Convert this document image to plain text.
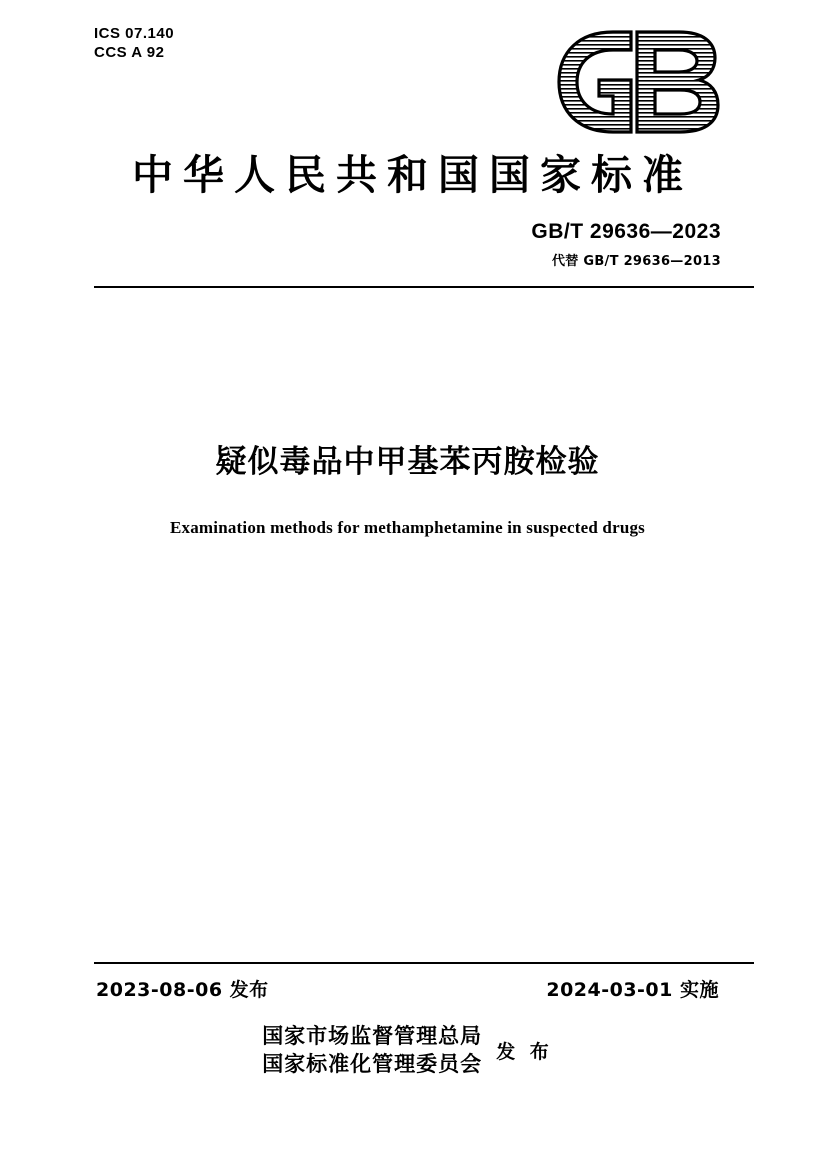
ICS 07.140
CCS A 92
中华人民共和国国家标准
GB/T 29636—2023
代替 GB/T 29636—2013
疑似毒品中甲基苯丙胺检验
Examination methods for methamphetamine in suspected drugs
2023-08-06 发布	2024-03-01 实施
国家市场监督管理总局
国家标准化管理委员会
发 布
